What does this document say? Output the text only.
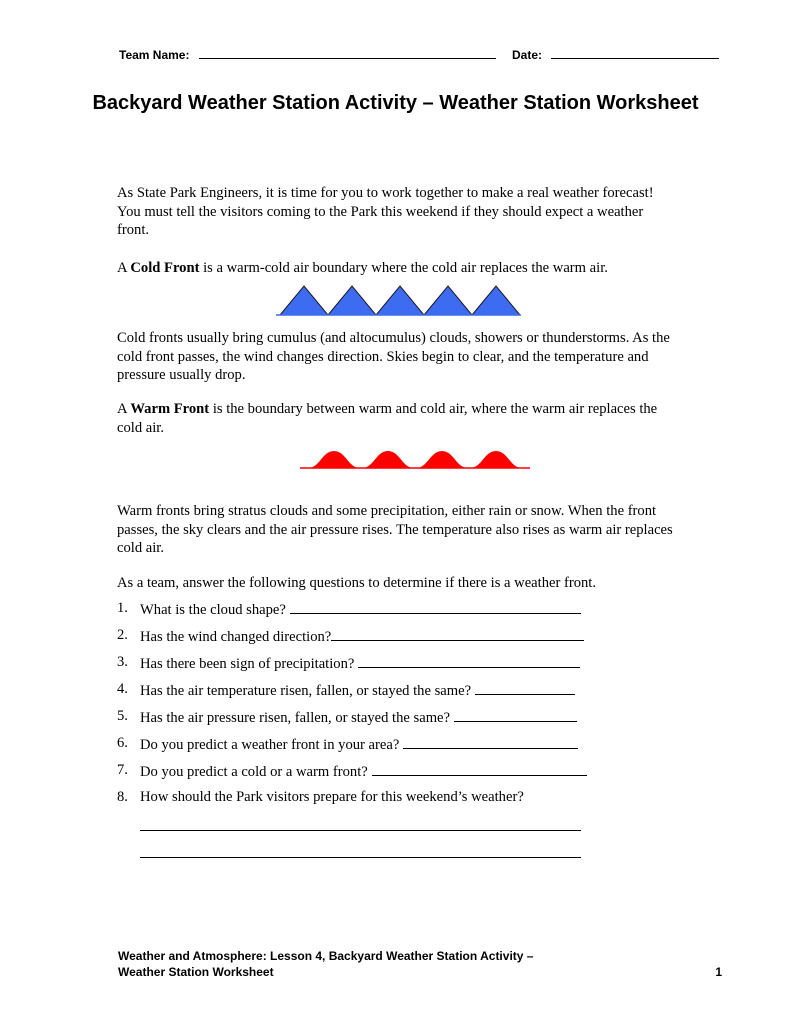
Team Name:	Date:
Backyard Weather Station Activity – Weather Station Worksheet
As State Park Engineers, it is time for you to work together to make a real weather forecast! You must tell the visitors coming to the Park this weekend if they should expect a weather front.
A Cold Front is a warm-cold air boundary where the cold air replaces the warm air.
Cold fronts usually bring cumulus (and altocumulus) clouds, showers or thunderstorms. As the cold front passes, the wind changes direction. Skies begin to clear, and the temperature and pressure usually drop.
A Warm Front is the boundary between warm and cold air, where the warm air replaces the cold air.
Warm fronts bring stratus clouds and some precipitation, either rain or snow. When the front passes, the sky clears and the air pressure rises. The temperature also rises as warm air replaces cold air.
As a team, answer the following questions to determine if there is a weather front.
1. What is the cloud shape?
2. Has the wind changed direction?
3. Has there been sign of precipitation?
4. Has the air temperature risen, fallen, or stayed the same?
5. Has the air pressure risen, fallen, or stayed the same?
6. Do you predict a weather front in your area?
7. Do you predict a cold or a warm front?
8. How should the Park visitors prepare for this weekend’s weather?
Weather and Atmosphere: Lesson 4, Backyard Weather Station Activity –
Weather Station Worksheet	1
